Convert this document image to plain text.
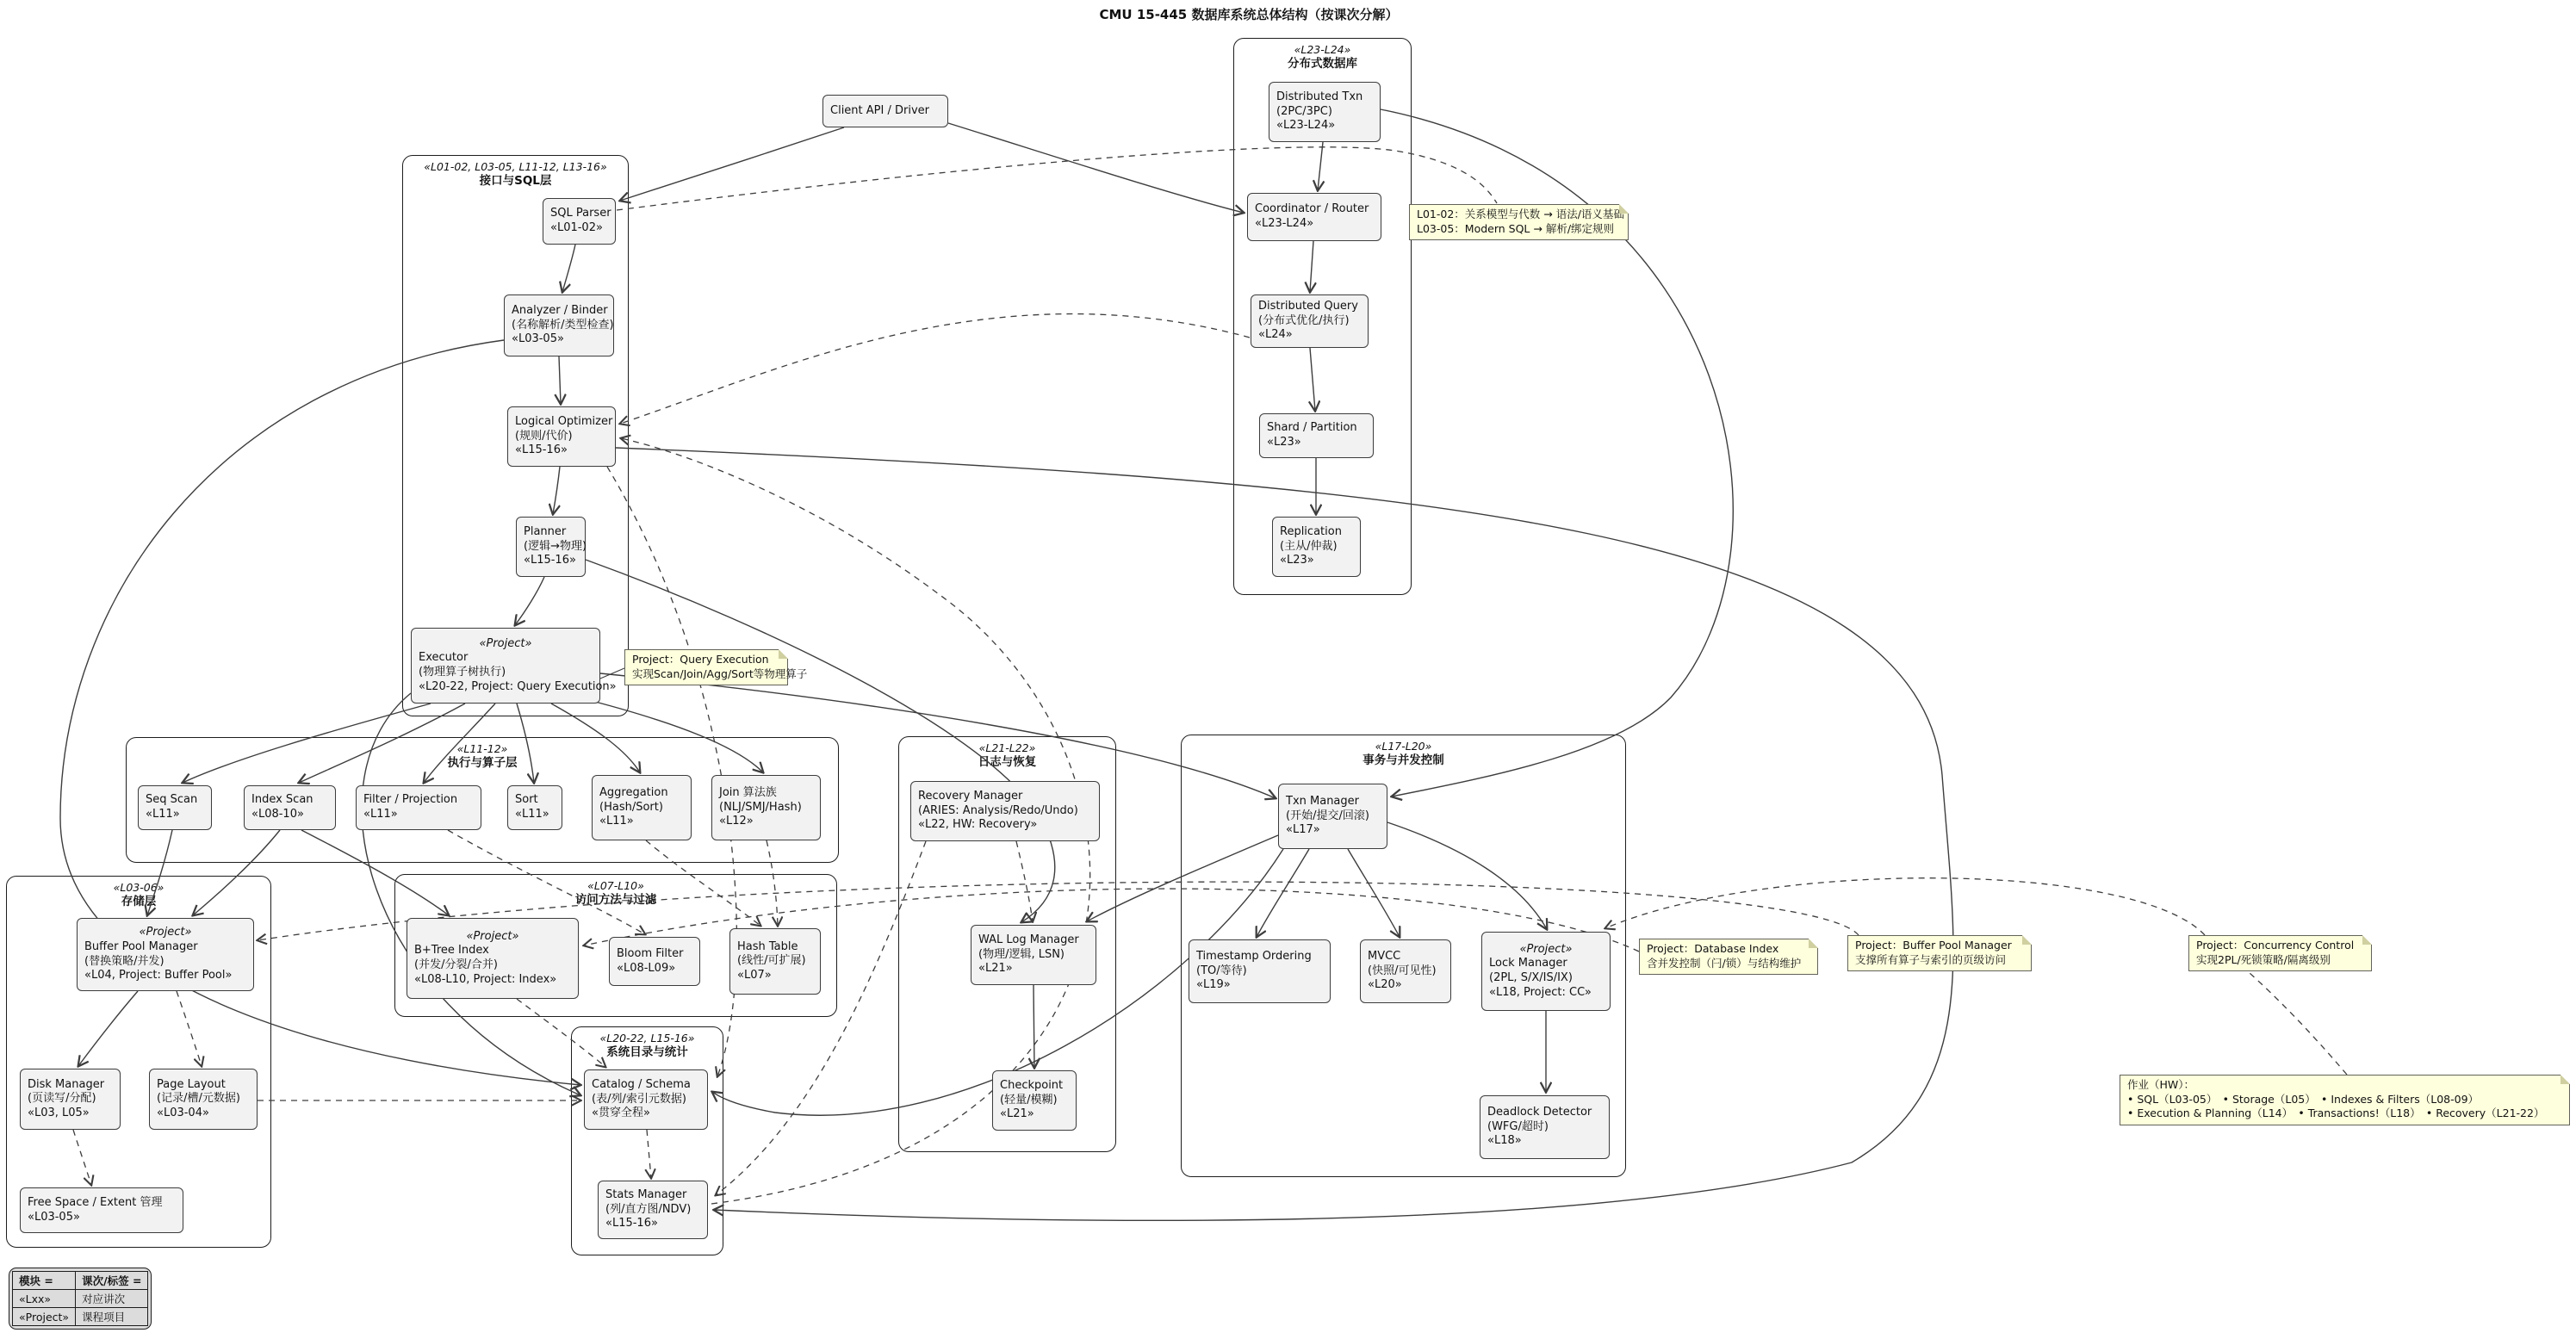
CMU 15-445 数据库系统总体结构（按课次分解）
«L01-02, L03-05, L11-12, L13-16»
接口与SQL层
«L23-L24»
分布式数据库
«L11-12»
执行与算子层
«L07-L10»
访问方法与过滤
«L03-06»
存储层
«L20-22, L15-16»
系统目录与统计
«L21-L22»
日志与恢复
«L17-L20»
事务与并发控制
Client API / Driver
SQL Parser
«L01-02»
Analyzer / Binder
(名称解析/类型检查)
«L03-05»
Logical Optimizer
(规则/代价)
«L15-16»
Planner
(逻辑→物理)
«L15-16»
«Project»
Executor
(物理算子树执行)
«L20-22, Project: Query Execution»
Distributed Txn
(2PC/3PC)
«L23-L24»
Coordinator / Router
«L23-L24»
Distributed Query
(分布式优化/执行)
«L24»
Shard / Partition
«L23»
Replication
(主从/仲裁)
«L23»
Seq Scan
«L11»
Index Scan
«L08-10»
Filter / Projection
«L11»
Sort
«L11»
Aggregation
(Hash/Sort)
«L11»
Join 算法族
(NLJ/SMJ/Hash)
«L12»
«Project»
B+Tree Index
(并发/分裂/合并)
«L08-L10, Project: Index»
Bloom Filter
«L08-L09»
Hash Table
(线性/可扩展)
«L07»
«Project»
Buffer Pool Manager
(替换策略/并发)
«L04, Project: Buffer Pool»
Disk Manager
(页读写/分配)
«L03, L05»
Page Layout
(记录/槽/元数据)
«L03-04»
Free Space / Extent 管理
«L03-05»
Catalog / Schema
(表/列/索引元数据)
«贯穿全程»
Stats Manager
(列/直方图/NDV)
«L15-16»
Recovery Manager
(ARIES: Analysis/Redo/Undo)
«L22, HW: Recovery»
WAL Log Manager
(物理/逻辑, LSN)
«L21»
Checkpoint
(轻量/模糊)
«L21»
Txn Manager
(开始/提交/回滚)
«L17»
Timestamp Ordering
(TO/等待)
«L19»
MVCC
(快照/可见性)
«L20»
«Project»
Lock Manager
(2PL, S/X/IS/IX)
«L18, Project: CC»
Deadlock Detector
(WFG/超时)
«L18»
L01-02：关系模型与代数 → 语法/语义基础
L03-05：Modern SQL → 解析/绑定规则
Project：Query Execution
实现Scan/Join/Agg/Sort等物理算子
Project：Database Index
含并发控制（闩/锁）与结构维护
Project：Buffer Pool Manager
支撑所有算子与索引的页级访问
Project：Concurrency Control
实现2PL/死锁策略/隔离级别
作业（HW）：
• SQL（L03-05）　• Storage（L05）　• Indexes & Filters（L08-09）
• Execution & Planning（L14）　• Transactions!（L18）　• Recovery（L21-22）
模块 =	课次/标签 =
«Lxx»	对应讲次
«Project»	课程项目
